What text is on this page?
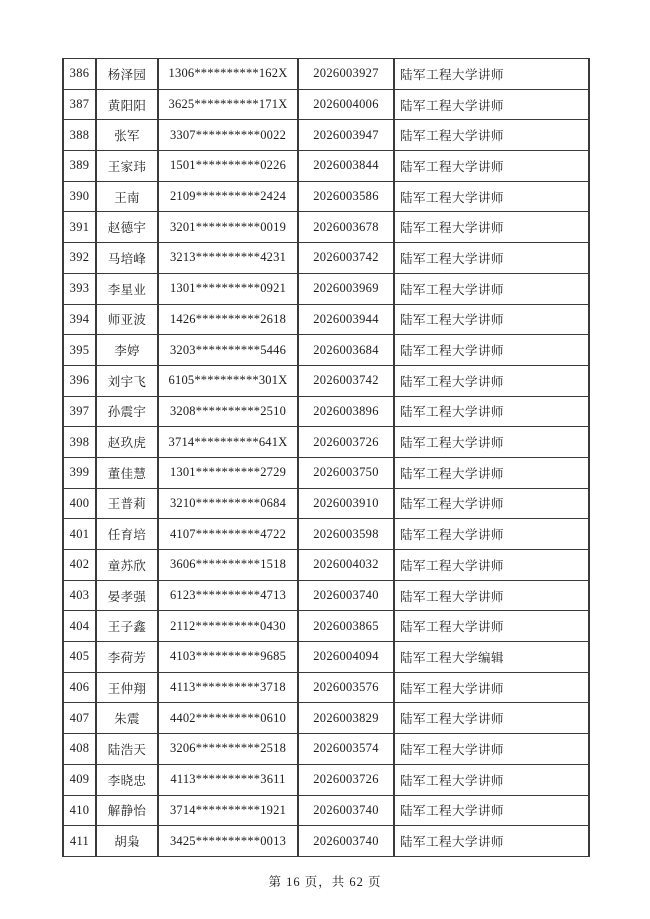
386	杨泽园	1306**********162X	2026003927	陆军工程大学讲师
387	黄阳阳	3625**********171X	2026004006	陆军工程大学讲师
388	张军	3307**********0022	2026003947	陆军工程大学讲师
389	王家玮	1501**********0226	2026003844	陆军工程大学讲师
390	王南	2109**********2424	2026003586	陆军工程大学讲师
391	赵德宇	3201**********0019	2026003678	陆军工程大学讲师
392	马培峰	3213**********4231	2026003742	陆军工程大学讲师
393	李星业	1301**********0921	2026003969	陆军工程大学讲师
394	师亚波	1426**********2618	2026003944	陆军工程大学讲师
395	李婷	3203**********5446	2026003684	陆军工程大学讲师
396	刘宇飞	6105**********301X	2026003742	陆军工程大学讲师
397	孙震宇	3208**********2510	2026003896	陆军工程大学讲师
398	赵玖虎	3714**********641X	2026003726	陆军工程大学讲师
399	董佳慧	1301**********2729	2026003750	陆军工程大学讲师
400	王普莉	3210**********0684	2026003910	陆军工程大学讲师
401	任育培	4107**********4722	2026003598	陆军工程大学讲师
402	童苏欣	3606**********1518	2026004032	陆军工程大学讲师
403	晏孝强	6123**********4713	2026003740	陆军工程大学讲师
404	王子鑫	2112**********0430	2026003865	陆军工程大学讲师
405	李荷芳	4103**********9685	2026004094	陆军工程大学编辑
406	王仲翔	4113**********3718	2026003576	陆军工程大学讲师
407	朱震	4402**********0610	2026003829	陆军工程大学讲师
408	陆浩天	3206**********2518	2026003574	陆军工程大学讲师
409	李晓忠	4113**********3611	2026003726	陆军工程大学讲师
410	解静怡	3714**********1921	2026003740	陆军工程大学讲师
411	胡枭	3425**********0013	2026003740	陆军工程大学讲师
第 16 页，共 62 页
